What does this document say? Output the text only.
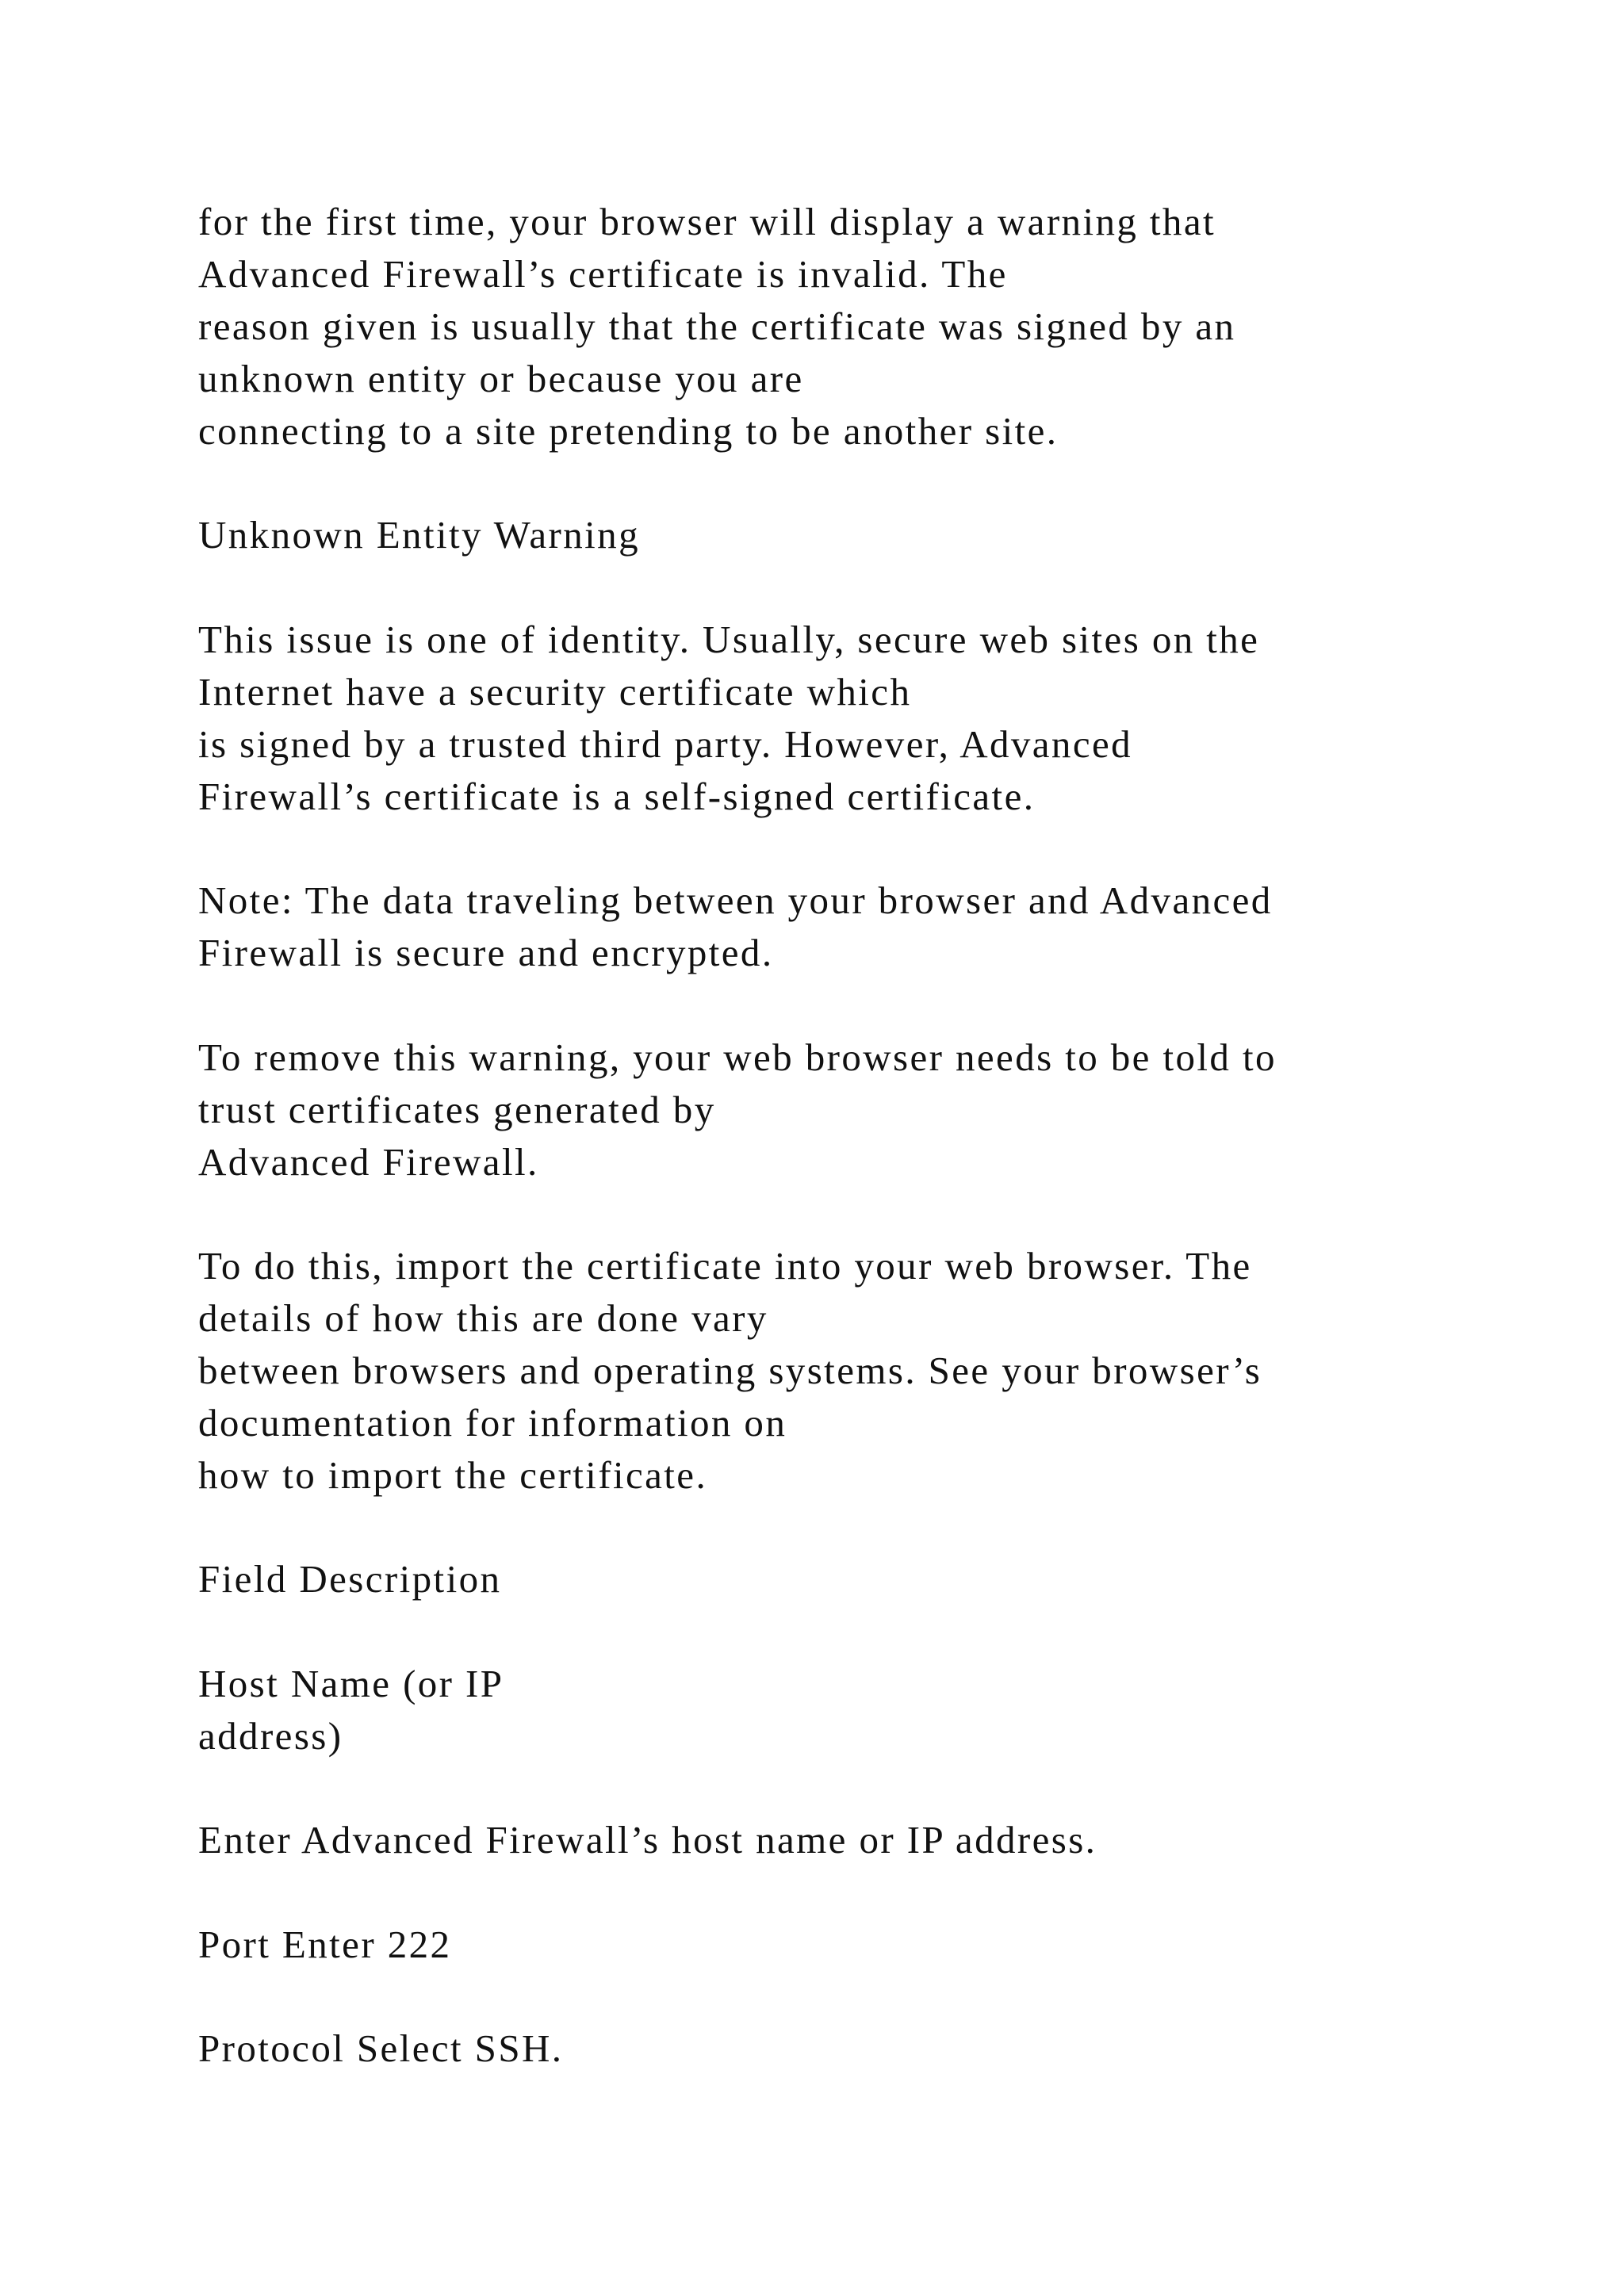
for the first time, your browser will display a warning that

Advanced Firewall’s certificate is invalid. The

reason given is usually that the certificate was signed by an

unknown entity or because you are

connecting to a site pretending to be another site.

Unknown Entity Warning

This issue is one of identity. Usually, secure web sites on the

Internet have a security certificate which

is signed by a trusted third party. However, Advanced

Firewall’s certificate is a self-signed certificate.

Note: The data traveling between your browser and Advanced

Firewall is secure and encrypted.

To remove this warning, your web browser needs to be told to

trust certificates generated by

Advanced Firewall.

To do this, import the certificate into your web browser. The

details of how this are done vary

between browsers and operating systems. See your browser’s

documentation for information on

how to import the certificate.

Field Description

Host Name (or IP

address)

Enter Advanced Firewall’s host name or IP address.

Port Enter 222

Protocol Select SSH.
